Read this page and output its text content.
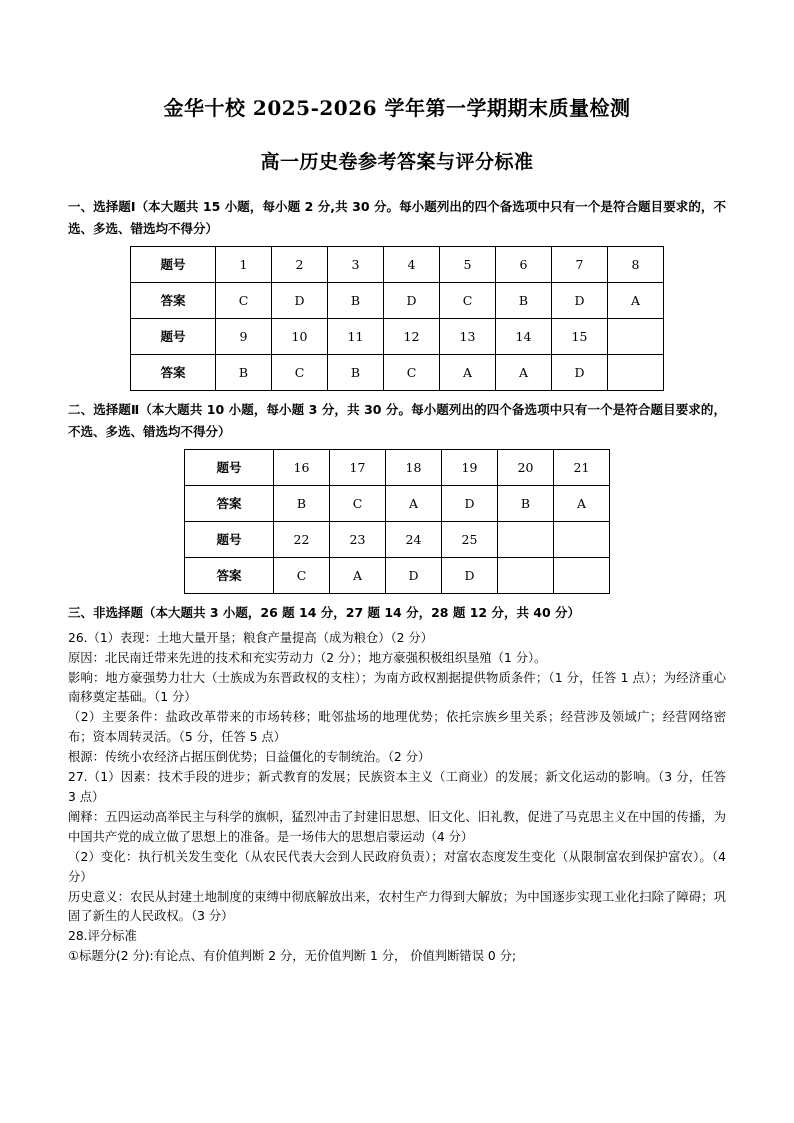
金华十校 2025-2026 学年第一学期期末质量检测
高一历史卷参考答案与评分标准
一、选择题Ⅰ（本大题共 15 小题，每小题 2 分,共 30 分。每小题列出的四个备选项中只有一个是符合题目要求的，不选、多选、错选均不得分）
题号	1	2	3	4	5	6	7	8
答案	C	D	B	D	C	B	D	A
题号	9	10	11	12	13	14	15	
答案	B	C	B	C	A	A	D	
二、选择题Ⅱ（本大题共 10 小题，每小题 3 分，共 30 分。每小题列出的四个备选项中只有一个是符合题目要求的，不选、多选、错选均不得分）
题号	16	17	18	19	20	21
答案	B	C	A	D	B	A
题号	22	23	24	25		
答案	C	A	D	D		
三、非选择题（本大题共 3 小题，26 题 14 分，27 题 14 分，28 题 12 分，共 40 分）

26.（1）表现：土地大量开垦；粮食产量提高（成为粮仓）（2 分）

原因：北民南迁带来先进的技术和充实劳动力（2 分）；地方豪强积极组织垦殖（1 分）。

影响：地方豪强势力壮大（士族成为东晋政权的支柱）；为南方政权割据提供物质条件；（1 分，任答 1 点）；为经济重心南移奠定基础。（1 分）

（2）主要条件：盐政改革带来的市场转移；毗邻盐场的地理优势；依托宗族乡里关系；经营涉及领域广；经营网络密布；资本周转灵活。（5 分，任答 5 点）

根源：传统小农经济占据压倒优势；日益僵化的专制统治。（2 分）

27.（1）因素：技术手段的进步；新式教育的发展；民族资本主义（工商业）的发展；新文化运动的影响。（3 分，任答 3 点）

阐释：五四运动高举民主与科学的旗帜，猛烈冲击了封建旧思想、旧文化、旧礼教，促进了马克思主义在中国的传播，为中国共产党的成立做了思想上的准备。是一场伟大的思想启蒙运动（4 分）

（2）变化：执行机关发生变化（从农民代表大会到人民政府负责）；对富农态度发生变化（从限制富农到保护富农）。（4 分）

历史意义：农民从封建土地制度的束缚中彻底解放出来，农村生产力得到大解放；为中国逐步实现工业化扫除了障碍；巩固了新生的人民政权。（3 分）

28.评分标准

①标题分(2 分):有论点、有价值判断 2 分，无价值判断 1 分， 价值判断错误 0 分;
